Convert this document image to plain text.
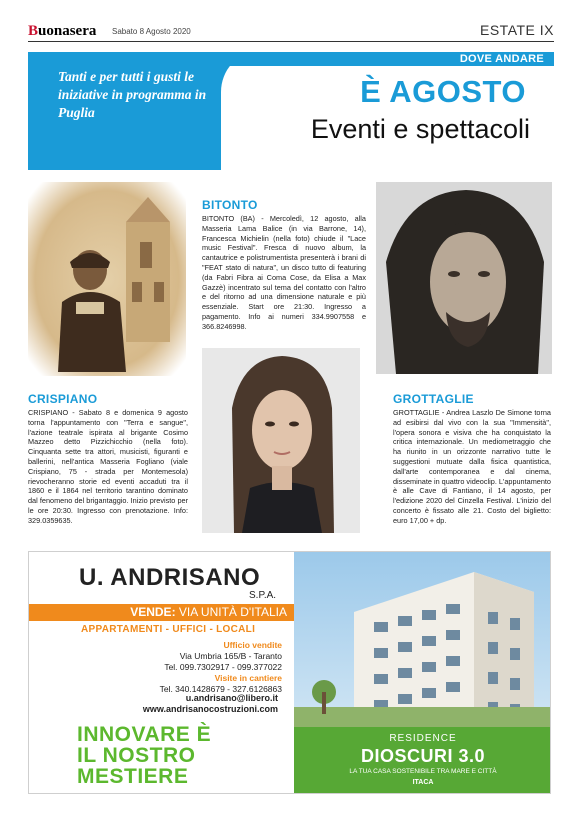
Buonasera Sabato 8 Agosto 2020	ESTATE IX
Tanti e per tutti i gusti le iniziative in programma in Puglia
DOVE ANDARE
È AGOSTO
Eventi e spettacoli
BITONTO
BITONTO (BA) - Mercoledì, 12 agosto, alla Masseria Lama Balice (in via Barrone, 14), Francesca Michielin (nella foto) chiude il "Lace music Festival". Fresca di nuovo album, la cantautrice e polistrumentista presenterà i brani di "FEAT stato di natura", un disco tutto di featuring (da Fabri Fibra ai Coma Cose, da Elisa a Max Gazzè) incentrato sul tema del contatto con l'altro e del ritorno ad una dimensione naturale e più essenziale. Start ore 21:30. Ingresso a pagamento. Info ai numeri 334.9907558 e 366.8246998.
CRISPIANO
CRISPIANO - Sabato 8 e domenica 9 agosto torna l'appuntamento con "Terra e sangue", l'azione teatrale ispirata al brigante Cosimo Mazzeo detto Pizzichicchio (nella foto). Cinquanta sette tra attori, musicisti, figuranti e ballerini, nell'antica Masseria Fogliano (viale Crispiano, 75 - strada per Montemesola) rievocheranno storie ed eventi accaduti tra il 1860 e il 1864 nel territorio tarantino dominato dal fenomeno del brigantaggio. Inizio previsto per le ore 20:30. Ingresso con prenotazione. Info: 329.0359635.
GROTTAGLIE
GROTTAGLIE - Andrea Laszlo De Simone torna ad esibirsi dal vivo con la sua "Immensità", l'opera sonora e visiva che ha conquistato la critica internazionale. Un mediometraggio che ha riunito in un orizzonte narrativo tutte le suggestioni mutuate dalla fisica quantistica, dall'arte contemporanea e dal cinema, disseminate in quattro videoclip. L'appuntamento è alle Cave di Fantiano, il 14 agosto, per l'edizione 2020 del Cinzella Festival. L'inizio del concerto è fissato alle 21. Costo del biglietto: euro 17,00 + dp.
U. ANDRISANO
S.P.A.
VENDE: VIA UNITÀ D'ITALIA
APPARTAMENTI - UFFICI - LOCALI
Ufficio vendite
Via Umbria 165/B - Taranto
Tel. 099.7302917 - 099.377022
Visite in cantiere
Tel. 340.1428679 - 327.6126863
u.andrisano@libero.it
www.andrisanocostruzioni.com
INNOVARE È
IL NOSTRO
MESTIERE
RESIDENCE
DIOSCURI 3.0
LA TUA CASA SOSTENIBILE TRA MARE E CITTÀ
ITACA
